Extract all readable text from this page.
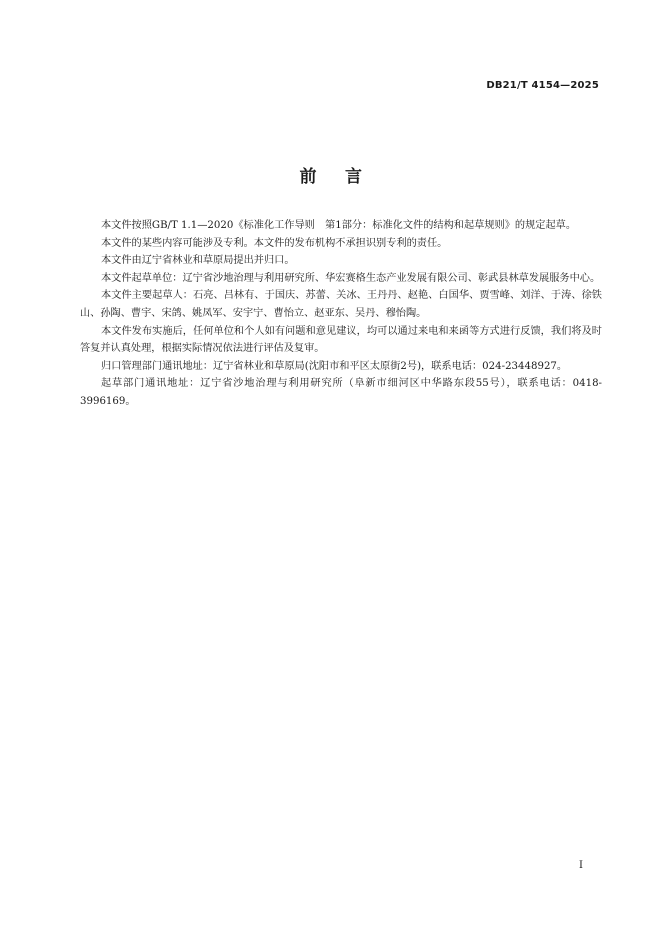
DB21/T 4154—2025
前 言

本文件按照GB/T 1.1—2020《标准化工作导则　第1部分：标准化文件的结构和起草规则》的规定起草。

本文件的某些内容可能涉及专利。本文件的发布机构不承担识别专利的责任。

本文件由辽宁省林业和草原局提出并归口。

本文件起草单位：辽宁省沙地治理与利用研究所、华宏赛格生态产业发展有限公司、彰武县林草发展服务中心。

本文件主要起草人：石亮、吕林有、于国庆、苏蕾、关冰、王丹丹、赵艳、白国华、贾雪峰、刘洋、于涛、徐铁山、孙陶、曹宇、宋鸽、姚凤军、安宇宁、曹怡立、赵亚东、吴丹、穆怡陶。

本文件发布实施后，任何单位和个人如有问题和意见建议，均可以通过来电和来函等方式进行反馈，我们将及时答复并认真处理，根据实际情况依法进行评估及复审。

归口管理部门通讯地址：辽宁省林业和草原局(沈阳市和平区太原街2号)，联系电话：024-23448927。

起草部门通讯地址：辽宁省沙地治理与利用研究所（阜新市细河区中华路东段55号），联系电话：0418-3996169。

I
